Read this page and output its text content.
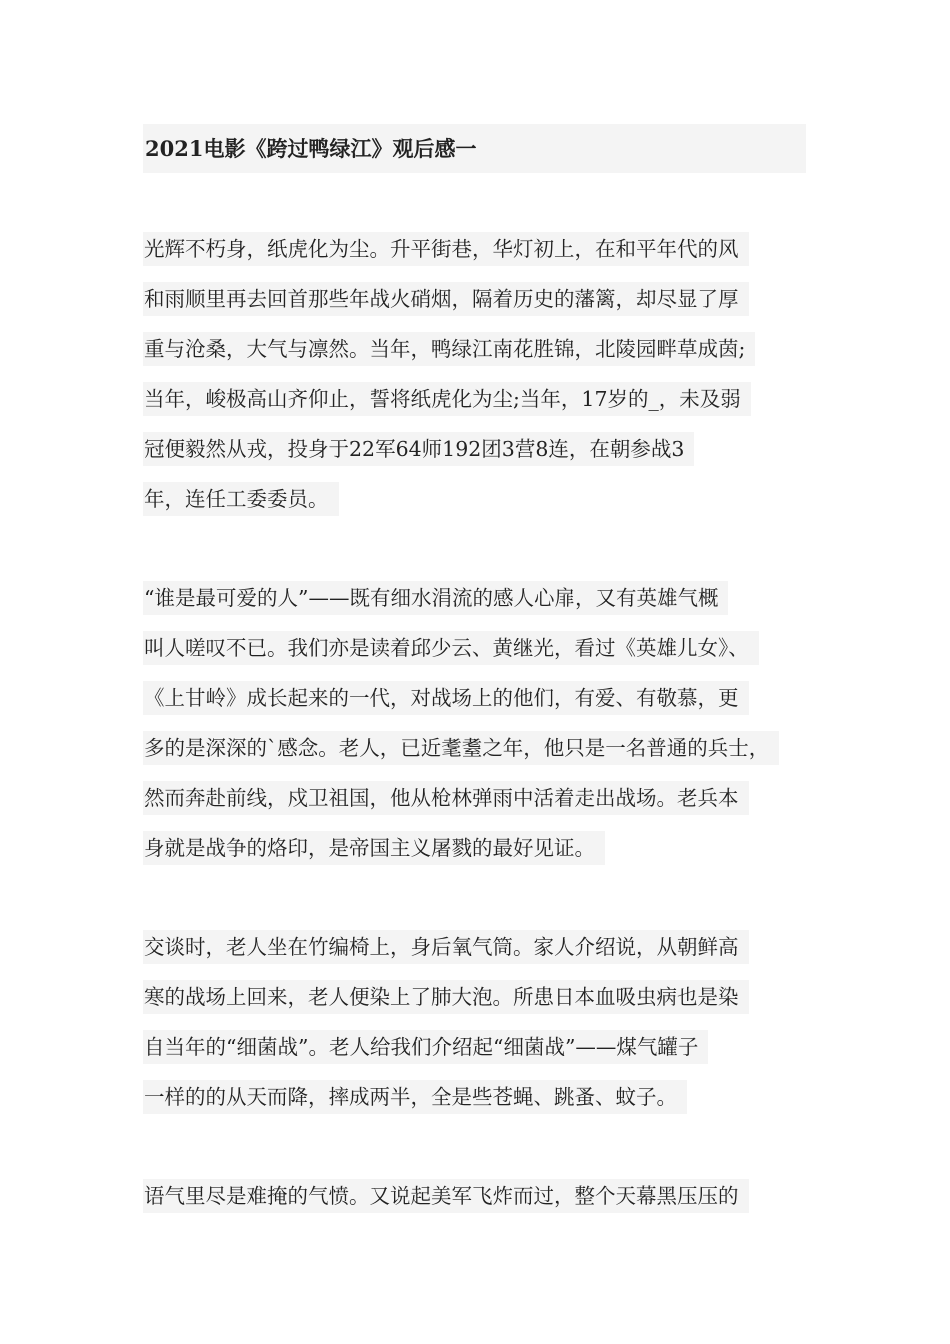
2021电影《跨过鸭绿江》观后感一
光辉不朽身，纸虎化为尘。升平街巷，华灯初上，在和平年代的风
和雨顺里再去回首那些年战火硝烟，隔着历史的藩篱，却尽显了厚
重与沧桑，大气与凛然。当年，鸭绿江南花胜锦，北陵园畔草成茵;
当年，峻极高山齐仰止，誓将纸虎化为尘;当年，17岁的_，未及弱
冠便毅然从戎，投身于22军64师192团3营8连，在朝参战3
年，连任工委委员。
“谁是最可爱的人”——既有细水涓流的感人心扉，又有英雄气概
叫人嗟叹不已。我们亦是读着邱少云、黄继光，看过《英雄儿女》、
《上甘岭》成长起来的一代，对战场上的他们，有爱、有敬慕，更
多的是深深的`感念。老人，已近耄耋之年，他只是一名普通的兵士，
然而奔赴前线，戍卫祖国，他从枪林弹雨中活着走出战场。老兵本
身就是战争的烙印，是帝国主义屠戮的最好见证。
交谈时，老人坐在竹编椅上，身后氧气筒。家人介绍说，从朝鲜高
寒的战场上回来，老人便染上了肺大泡。所患日本血吸虫病也是染
自当年的“细菌战”。老人给我们介绍起“细菌战”——煤气罐子
一样的的从天而降，摔成两半，全是些苍蝇、跳蚤、蚊子。
语气里尽是难掩的气愤。又说起美军飞炸而过，整个天幕黑压压的
